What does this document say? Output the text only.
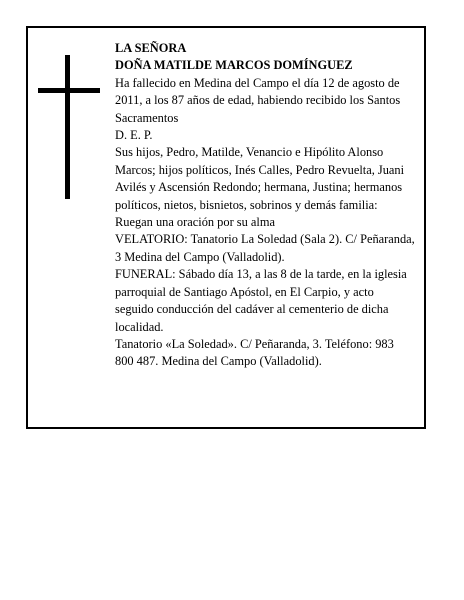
LA SEÑORA

DOÑA MATILDE MARCOS DOMÍNGUEZ

Ha fallecido en Medina del Campo el día 12 de agosto de 2011, a los 87 años de edad, habiendo recibido los Santos Sacramentos

D. E. P.

Sus hijos, Pedro, Matilde, Venancio e Hipólito Alonso Marcos; hijos políticos, Inés Calles, Pedro Revuelta, Juani Avilés y Ascensión Redondo; hermana, Justina; hermanos políticos, nietos, bisnietos, sobrinos y demás familia:

Ruegan una oración por su alma

VELATORIO: Tanatorio La Soledad (Sala 2). C/ Peñaranda, 3 Medina del Campo (Valladolid).

FUNERAL: Sábado día 13, a las 8 de la tarde, en la iglesia parroquial de Santiago Apóstol, en El Carpio, y acto seguido conducción del cadáver al cementerio de dicha localidad.

Tanatorio «La Soledad». C/ Peñaranda, 3. Teléfono: 983 800 487. Medina del Campo (Valladolid).
